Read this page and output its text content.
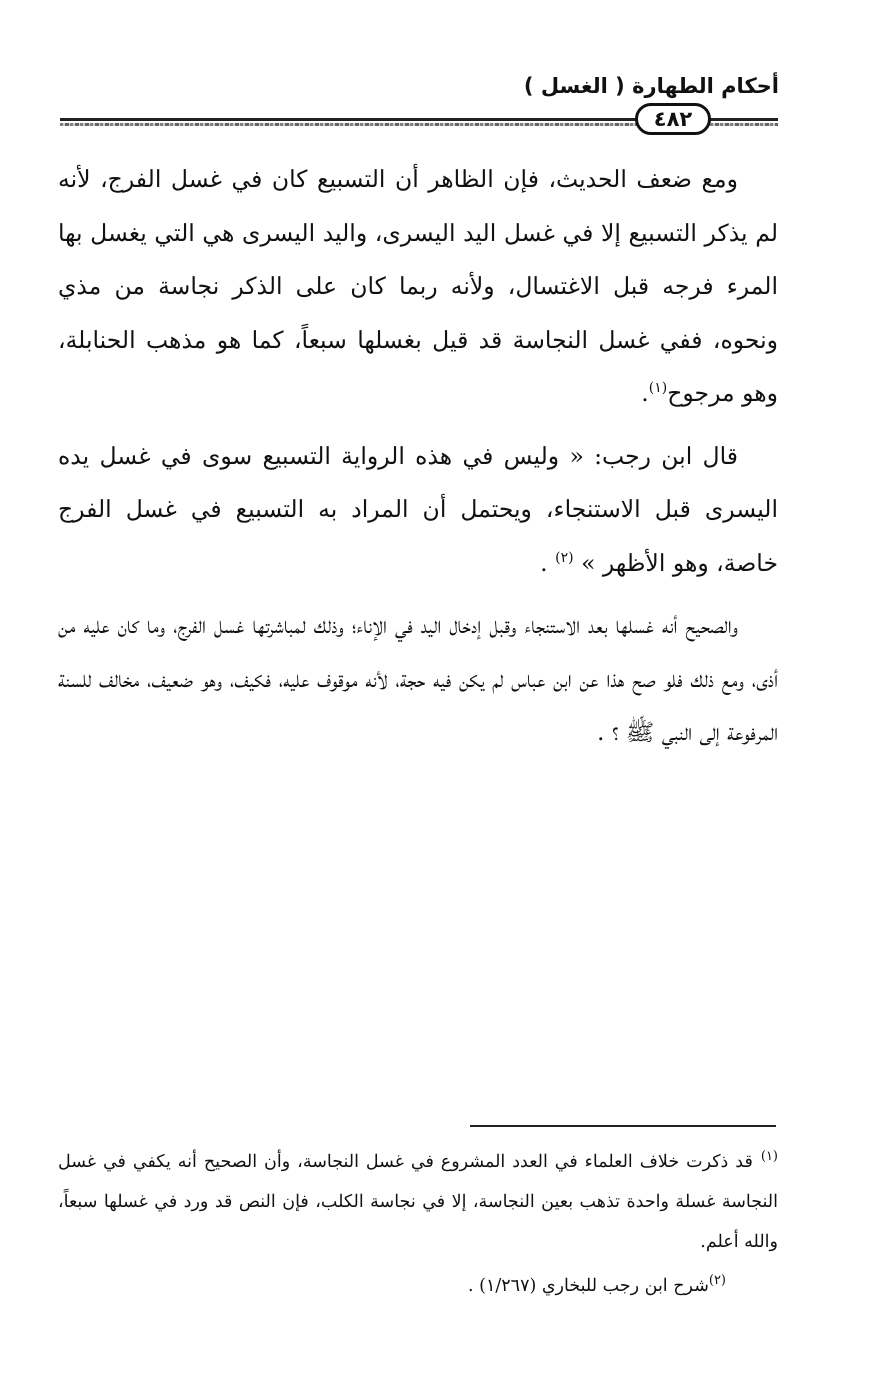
أحكام الطهارة ( الغسل )
٤٨٢

ومع ضعف الحديث، فإن الظاهر أن التسبيع كان في غسل الفرج، لأنه لم يذكر التسبيع إلا في غسل اليد اليسرى، واليد اليسرى هي التي يغسل بها المرء فرجه قبل الاغتسال، ولأنه ربما كان على الذكر نجاسة من مذي ونحوه، ففي غسل النجاسة قد قيل بغسلها سبعاً، كما هو مذهب الحنابلة، وهو مرجوح$^{(١)}$.

قال ابن رجب: « وليس في هذه الرواية التسبيع سوى في غسل يده اليسرى قبل الاستنجاء، ويحتمل أن المراد به التسبيع في غسل الفرج خاصة، وهو الأظهر » $^{(٢)}$ .

والصحيح أنه غسلها بعد الاستنجاء وقبل إدخال اليد في الإناء؛ وذلك لمباشرتها غسل الفرج، وما كان عليه من أذى، ومع ذلك فلو صح هذا عن ابن عباس لم يكن فيه حجة، لأنه موقوف عليه، فكيف، وهو ضعيف، مخالف للسنة المرفوعة إلى النبي ﷺ ؟ .

$^{(١)}$قد ذكرت خلاف العلماء في العدد المشروع في غسل النجاسة، وأن الصحيح أنه يكفي في غسل النجاسة غسلة واحدة تذهب بعين النجاسة، إلا في نجاسة الكلب، فإن النص قد ورد في غسلها سبعاً، والله أعلم.

$^{(٢)}$شرح ابن رجب للبخاري (١/٢٦٧) .
